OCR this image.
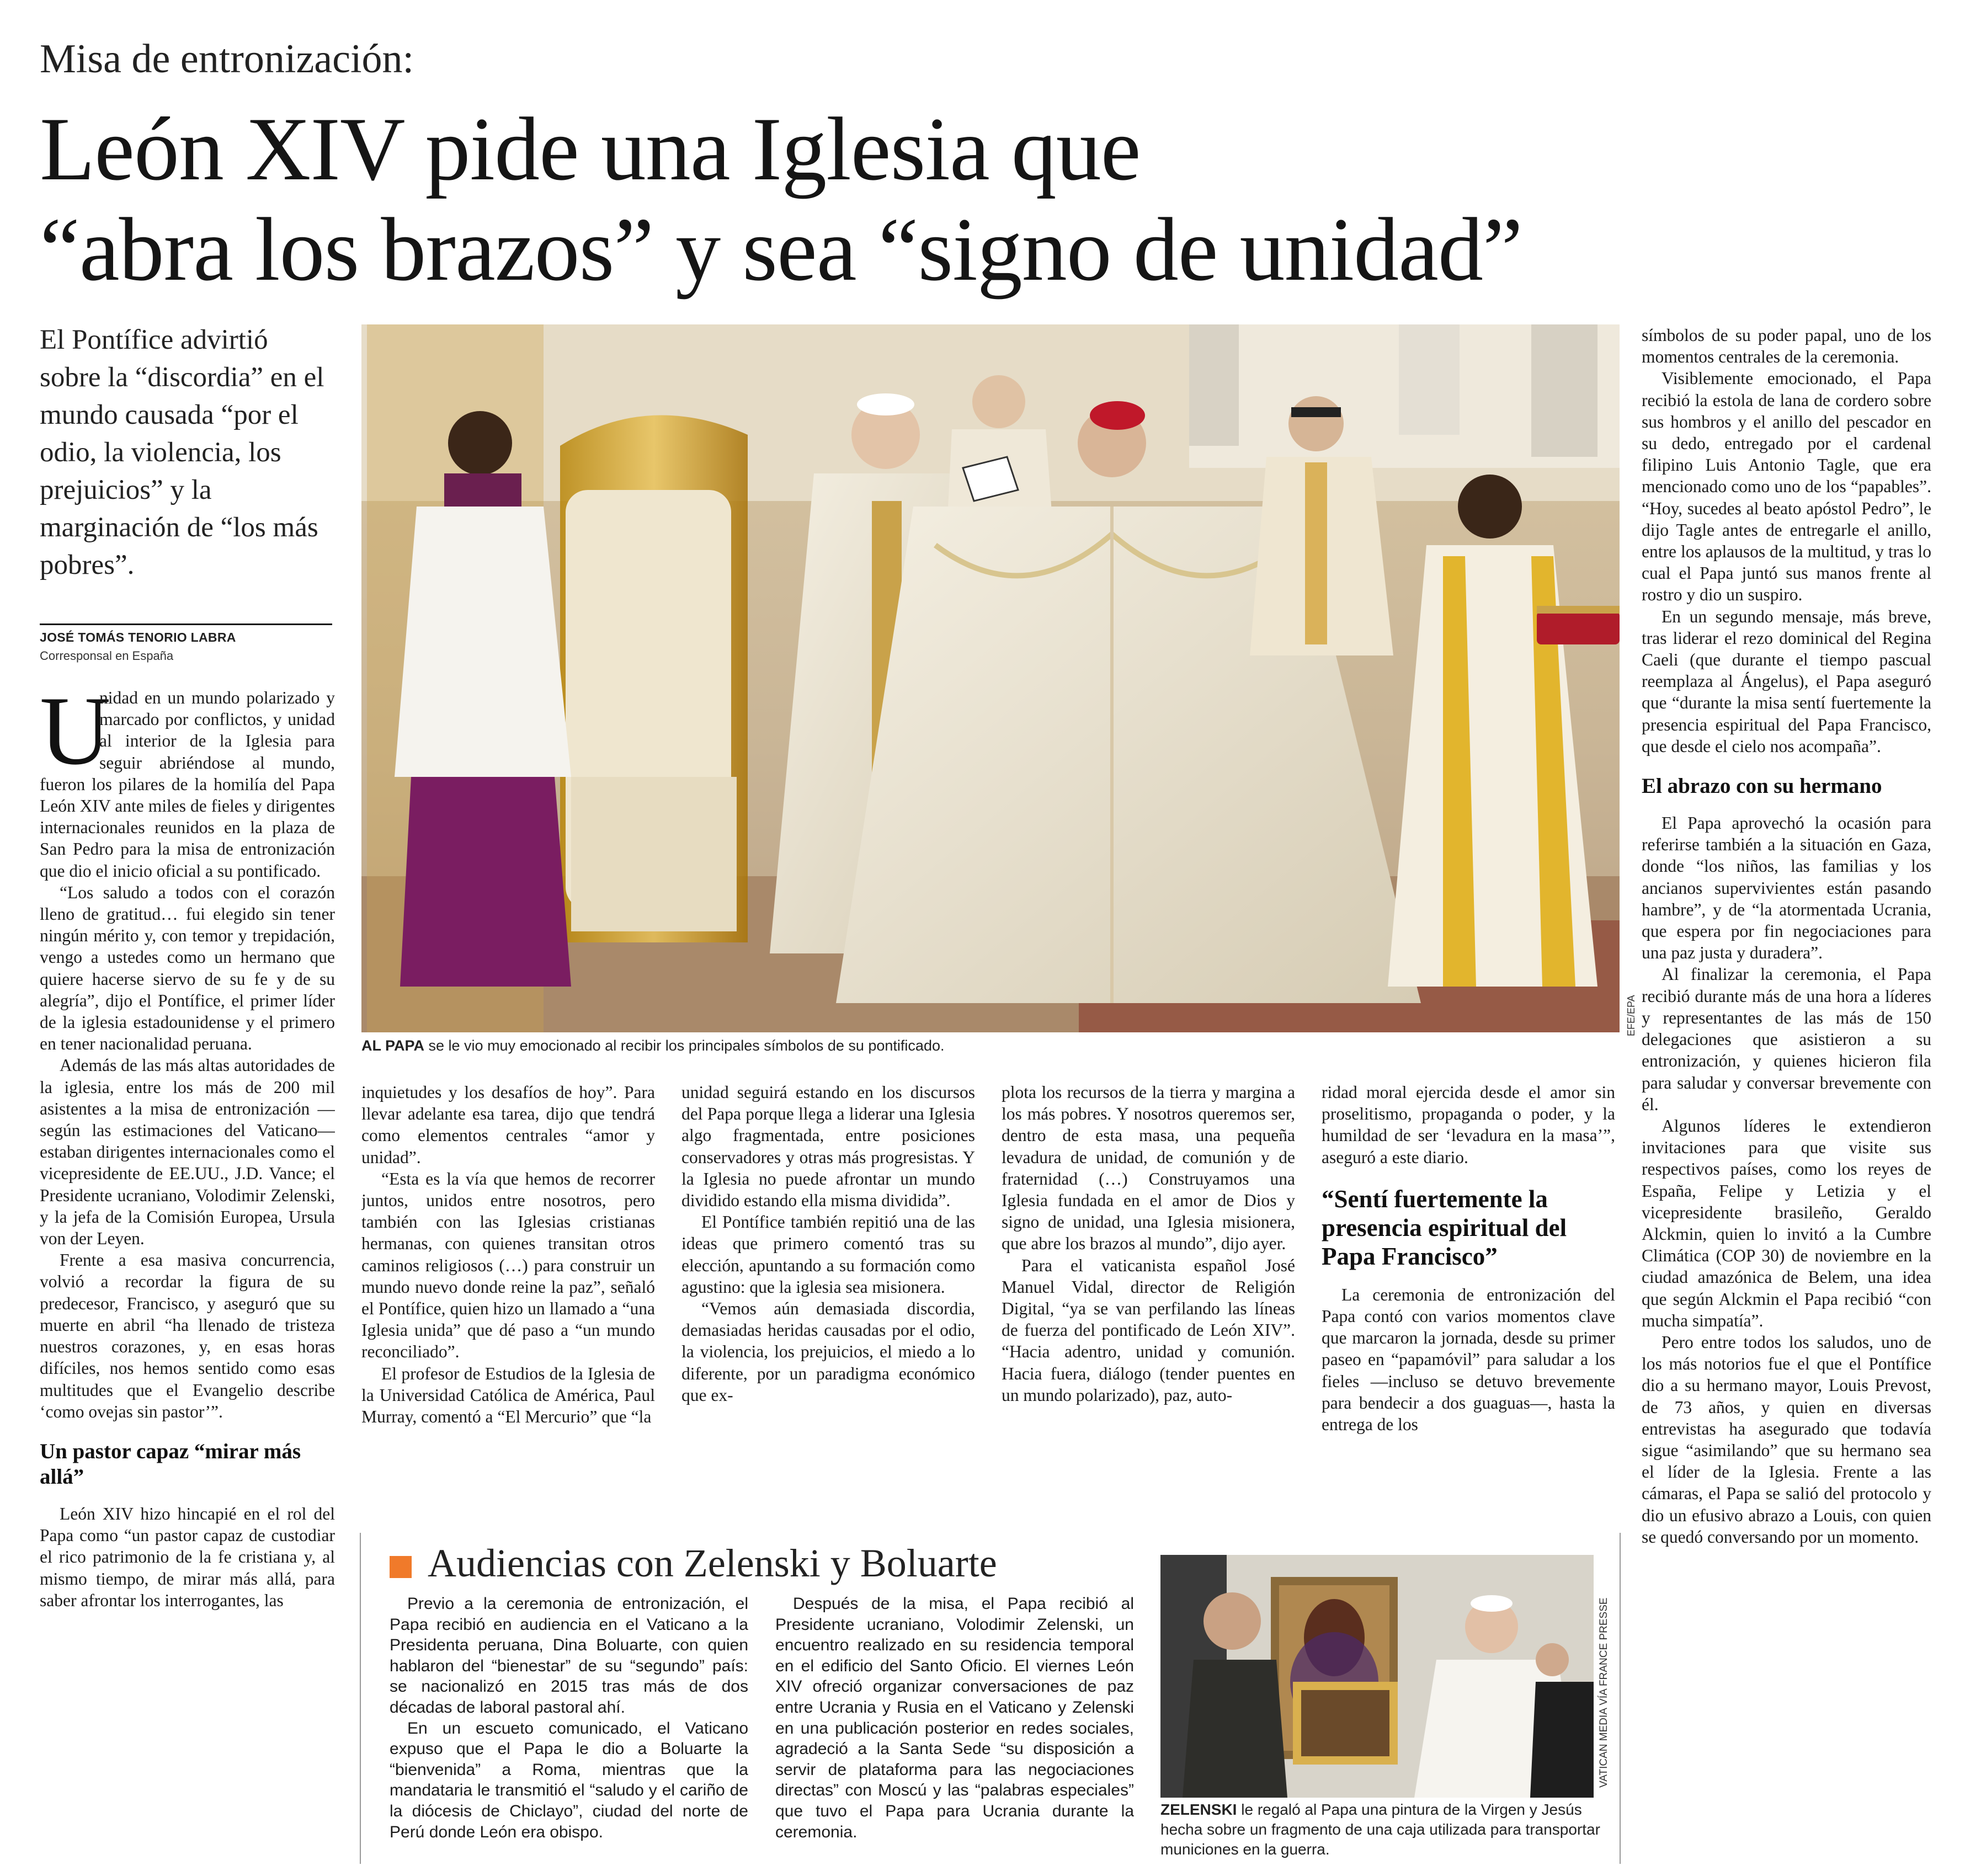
Misa de entronización:
León XIV pide una Iglesia que
“abra los brazos” y sea “signo de unidad”
El Pontífice advirtió sobre la “discordia” en el mundo causada “por el odio, la violencia, los prejuicios” y la marginación de “los más pobres”.
JOSÉ TOMÁS TENORIO LABRA
Corresponsal en España
U

nidad en un mundo polarizado y marcado por conflictos, y unidad al interior de la Iglesia para seguir abriéndose al mundo, fueron los pilares de la homilía del Papa León XIV ante miles de fieles y dirigentes internacionales reunidos en la plaza de San Pedro para la misa de entronización que dio el inicio oficial a su pontificado.

“Los saludo a todos con el corazón lleno de gratitud… fui elegido sin tener ningún mérito y, con temor y trepidación, vengo a ustedes como un hermano que quiere hacerse siervo de su fe y de su alegría”, dijo el Pontífice, el primer líder de la iglesia estadounidense y el primero en tener nacionalidad peruana.

Además de las más altas autoridades de la iglesia, entre los más de 200 mil asistentes a la misa de entronización —según las estimaciones del Vaticano— estaban dirigentes internacionales como el vicepresidente de EE.UU., J.D. Vance; el Presidente ucraniano, Volodimir Zelenski, y la jefa de la Comisión Europea, Ursula von der Leyen.

Frente a esa masiva concurrencia, volvió a recordar la figura de su predecesor, Francisco, y aseguró que su muerte en abril “ha llenado de tristeza nuestros corazones, y, en esas horas difíciles, nos hemos sentido como esas multitudes que el Evangelio describe ‘como ovejas sin pastor’”.

Un pastor capaz “mirar más allá”

León XIV hizo hincapié en el rol del Papa como “un pastor capaz de custodiar el rico patrimonio de la fe cristiana y, al mismo tiempo, de mirar más allá, para saber afrontar los interrogantes, las

EFE/EPA
AL PAPA se le vio muy emocionado al recibir los principales símbolos de su pontificado.

inquietudes y los desafíos de hoy”. Para llevar adelante esa tarea, dijo que tendrá como elementos centrales “amor y unidad”.

“Esta es la vía que hemos de recorrer juntos, unidos entre nosotros, pero también con las Iglesias cristianas hermanas, con quienes transitan otros caminos religiosos (…) para construir un mundo nuevo donde reine la paz”, señaló el Pontífice, quien hizo un llamado a “una Iglesia unida” que dé paso a “un mundo reconciliado”.

El profesor de Estudios de la Iglesia de la Universidad Católica de América, Paul Murray, comentó a “El Mercurio” que “la

unidad seguirá estando en los discursos del Papa porque llega a liderar una Iglesia algo fragmentada, entre posiciones conservadores y otras más progresistas. Y la Iglesia no puede afrontar un mundo dividido estando ella misma dividida”.

El Pontífice también repitió una de las ideas que primero comentó tras su elección, apuntando a su formación como agustino: que la iglesia sea misionera.

“Vemos aún demasiada discordia, demasiadas heridas causadas por el odio, la violencia, los prejuicios, el miedo a lo diferente, por un paradigma económico que ex-

plota los recursos de la tierra y margina a los más pobres. Y nosotros queremos ser, dentro de esta masa, una pequeña levadura de unidad, de comunión y de fraternidad (…) Construyamos una Iglesia fundada en el amor de Dios y signo de unidad, una Iglesia misionera, que abre los brazos al mundo”, dijo ayer.

Para el vaticanista español José Manuel Vidal, director de Religión Digital, “ya se van perfilando las líneas de fuerza del pontificado de León XIV”. “Hacia adentro, unidad y comunión. Hacia fuera, diálogo (tender puentes en un mundo polarizado), paz, auto-

ridad moral ejercida desde el amor sin proselitismo, propaganda o poder, y la humildad de ser ‘levadura en la masa’”, aseguró a este diario.

“Sentí fuertemente la presencia espiritual del Papa Francisco”

La ceremonia de entronización del Papa contó con varios momentos clave que marcaron la jornada, desde su primer paseo en “papamóvil” para saludar a los fieles —incluso se detuvo brevemente para bendecir a dos guaguas—, hasta la entrega de los

símbolos de su poder papal, uno de los momentos centrales de la ceremonia.

Visiblemente emocionado, el Papa recibió la estola de lana de cordero sobre sus hombros y el anillo del pescador en su dedo, entregado por el cardenal filipino Luis Antonio Tagle, que era mencionado como uno de los “papables”. “Hoy, sucedes al beato apóstol Pedro”, le dijo Tagle antes de entregarle el anillo, entre los aplausos de la multitud, y tras lo cual el Papa juntó sus manos frente al rostro y dio un suspiro.

En un segundo mensaje, más breve, tras liderar el rezo dominical del Regina Caeli (que durante el tiempo pascual reemplaza al Ángelus), el Papa aseguró que “durante la misa sentí fuertemente la presencia espiritual del Papa Francisco, que desde el cielo nos acompaña”.

El abrazo con su hermano

El Papa aprovechó la ocasión para referirse también a la situación en Gaza, donde “los niños, las familias y los ancianos supervivientes están pasando hambre”, y de “la atormentada Ucrania, que espera por fin negociaciones para una paz justa y duradera”.

Al finalizar la ceremonia, el Papa recibió durante más de una hora a líderes y representantes de las más de 150 delegaciones que asistieron a su entronización, y quienes hicieron fila para saludar y conversar brevemente con él.

Algunos líderes le extendieron invitaciones para que visite sus respectivos países, como los reyes de España, Felipe y Letizia y el vicepresidente brasileño, Geraldo Alckmin, quien lo invitó a la Cumbre Climática (COP 30) de noviembre en la ciudad amazónica de Belem, una idea que según Alckmin el Papa recibió “con mucha simpatía”.

Pero entre todos los saludos, uno de los más notorios fue el que el Pontífice dio a su hermano mayor, Louis Prevost, de 73 años, y quien en diversas entrevistas ha asegurado que todavía sigue “asimilando” que su hermano sea el líder de la Iglesia. Frente a las cámaras, el Papa se salió del protocolo y dio un efusivo abrazo a Louis, con quien se quedó conversando por un momento.

Audiencias con Zelenski y Boluarte

Previo a la ceremonia de entronización, el Papa recibió en audiencia en el Vaticano a la Presidenta peruana, Dina Boluarte, con quien hablaron del “bienestar” de su “segundo” país: se nacionalizó en 2015 tras más de dos décadas de laboral pastoral ahí.

En un escueto comunicado, el Vaticano expuso que el Papa le dio a Boluarte la “bienvenida” a Roma, mientras que la mandataria le transmitió el “saludo y el cariño de la diócesis de Chiclayo”, ciudad del norte de Perú donde León era obispo.

Después de la misa, el Papa recibió al Presidente ucraniano, Volodimir Zelenski, un encuentro realizado en su residencia temporal en el edificio del Santo Oficio. El viernes León XIV ofreció organizar conversaciones de paz entre Ucrania y Rusia en el Vaticano y Zelenski en una publicación posterior en redes sociales, agradeció a la Santa Sede “su disposición a servir de plataforma para las negociaciones directas” con Moscú y las “palabras especiales” que tuvo el Papa para Ucrania durante la ceremonia.

VATICAN MEDIA VÍA FRANCE PRESSE
ZELENSKI le regaló al Papa una pintura de la Virgen y Jesús hecha sobre un fragmento de una caja utilizada para transportar municiones en la guerra.
